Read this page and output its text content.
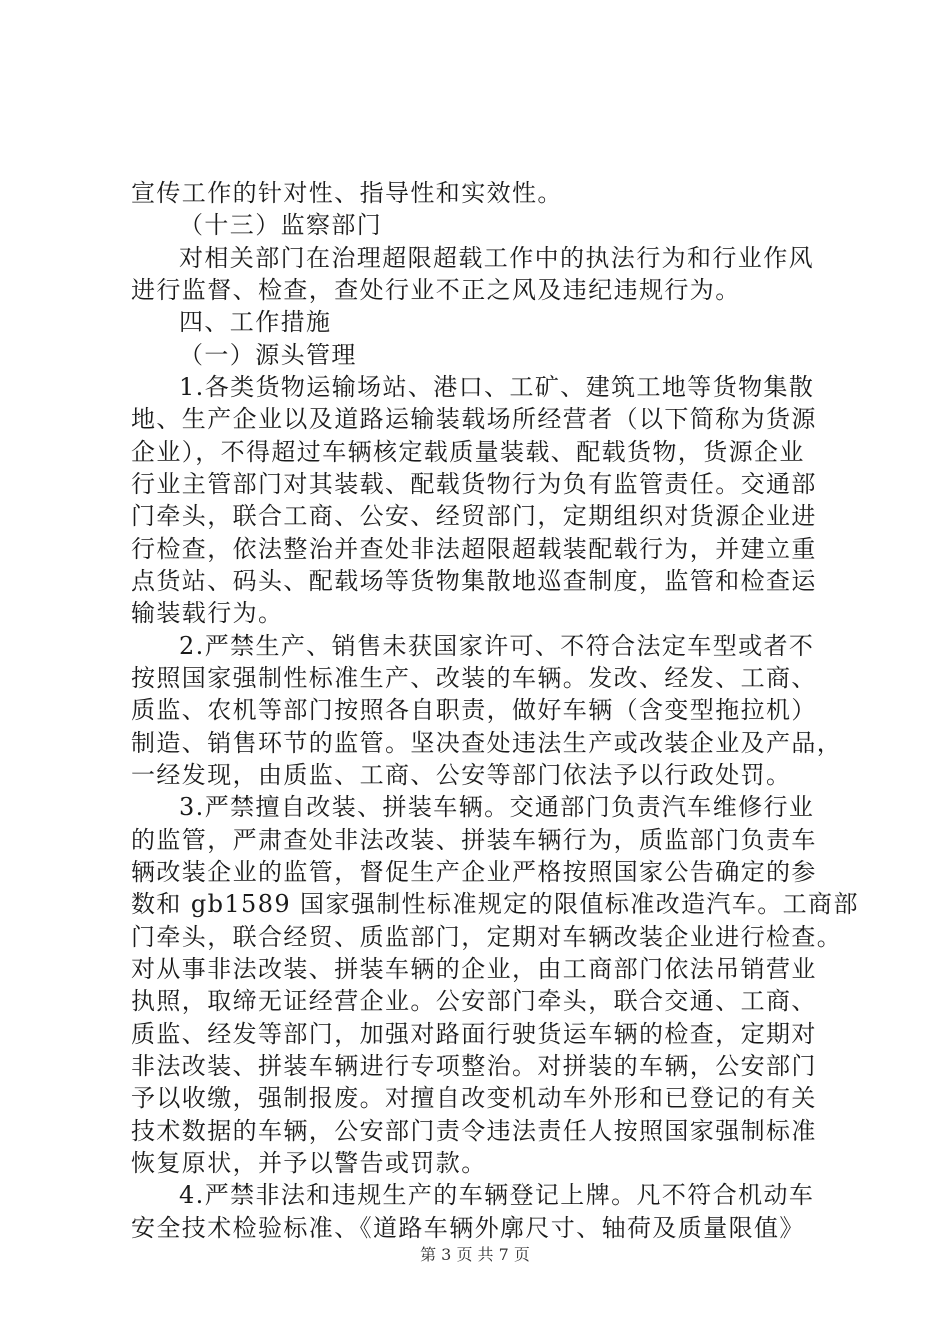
宣传工作的针对性、指导性和实效性。
（十三）监察部门
对相关部门在治理超限超载工作中的执法行为和行业作风
进行监督、检查，查处行业不正之风及违纪违规行为。
四、工作措施
（一）源头管理
1.各类货物运输场站、港口、工矿、建筑工地等货物集散
地、生产企业以及道路运输装载场所经营者（以下简称为货源
企业），不得超过车辆核定载质量装载、配载货物，货源企业
行业主管部门对其装载、配载货物行为负有监管责任。交通部
门牵头，联合工商、公安、经贸部门，定期组织对货源企业进
行检查，依法整治并查处非法超限超载装配载行为，并建立重
点货站、码头、配载场等货物集散地巡查制度，监管和检查运
输装载行为。
2.严禁生产、销售未获国家许可、不符合法定车型或者不
按照国家强制性标准生产、改装的车辆。发改、经发、工商、
质监、农机等部门按照各自职责，做好车辆（含变型拖拉机）
制造、销售环节的监管。坚决查处违法生产或改装企业及产品，
一经发现，由质监、工商、公安等部门依法予以行政处罚。
3.严禁擅自改装、拼装车辆。交通部门负责汽车维修行业
的监管，严肃查处非法改装、拼装车辆行为，质监部门负责车
辆改装企业的监管，督促生产企业严格按照国家公告确定的参
数和 gb1589 国家强制性标准规定的限值标准改造汽车。工商部
门牵头，联合经贸、质监部门，定期对车辆改装企业进行检查。
对从事非法改装、拼装车辆的企业，由工商部门依法吊销营业
执照，取缔无证经营企业。公安部门牵头，联合交通、工商、
质监、经发等部门，加强对路面行驶货运车辆的检查，定期对
非法改装、拼装车辆进行专项整治。对拼装的车辆，公安部门
予以收缴，强制报废。对擅自改变机动车外形和已登记的有关
技术数据的车辆，公安部门责令违法责任人按照国家强制标准
恢复原状，并予以警告或罚款。
4.严禁非法和违规生产的车辆登记上牌。凡不符合机动车
安全技术检验标准、《道路车辆外廓尺寸、轴荷及质量限值》
第 3 页 共 7 页
